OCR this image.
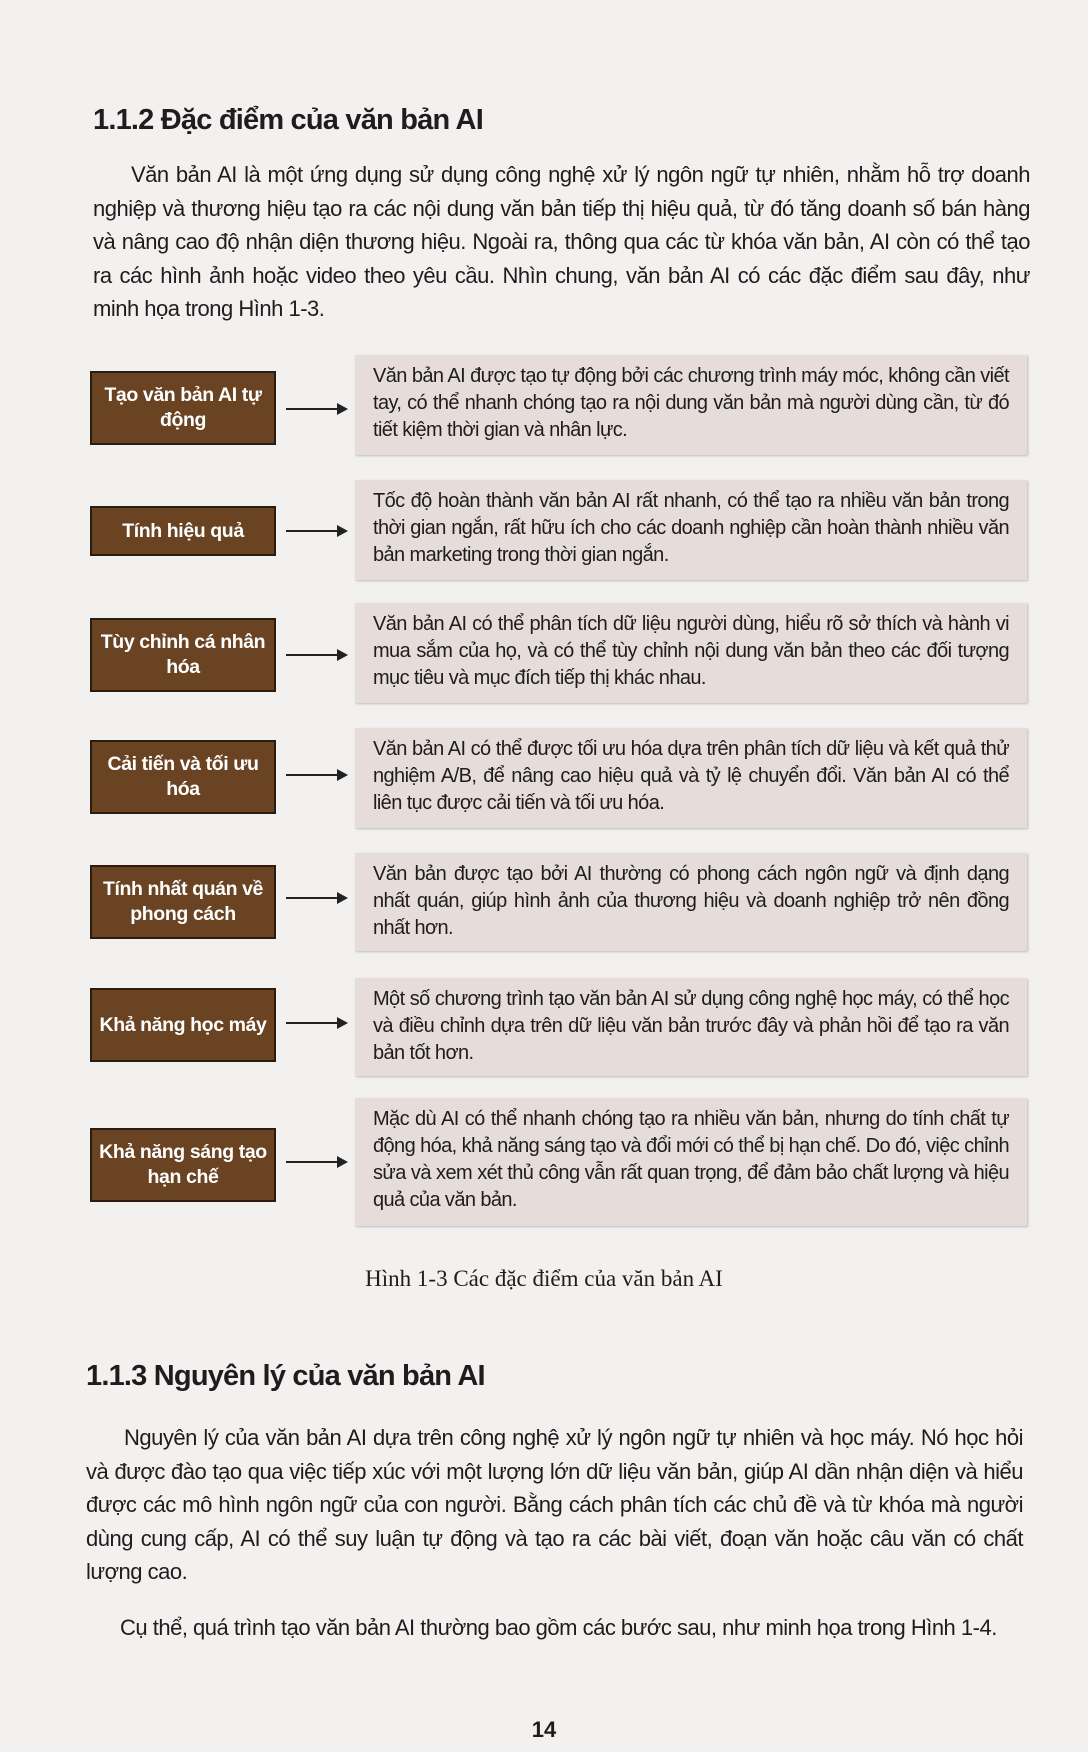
1.1.2 Đặc điểm của văn bản AI

Văn bản AI là một ứng dụng sử dụng công nghệ xử lý ngôn ngữ tự nhiên, nhằm hỗ trợ doanh nghiệp và thương hiệu tạo ra các nội dung văn bản tiếp thị hiệu quả, từ đó tăng doanh số bán hàng và nâng cao độ nhận diện thương hiệu. Ngoài ra, thông qua các từ khóa văn bản, AI còn có thể tạo ra các hình ảnh hoặc video theo yêu cầu. Nhìn chung, văn bản AI có các đặc điểm sau đây, như minh họa trong Hình 1-3.

Tạo văn bản AI tự động
Văn bản AI được tạo tự động bởi các chương trình máy móc, không cần viết tay, có thể nhanh chóng tạo ra nội dung văn bản mà người dùng cần, từ đó tiết kiệm thời gian và nhân lực.
Tính hiệu quả
Tốc độ hoàn thành văn bản AI rất nhanh, có thể tạo ra nhiều văn bản trong thời gian ngắn, rất hữu ích cho các doanh nghiệp cần hoàn thành nhiều văn bản marketing trong thời gian ngắn.
Tùy chỉnh cá nhân hóa
Văn bản AI có thể phân tích dữ liệu người dùng, hiểu rõ sở thích và hành vi mua sắm của họ, và có thể tùy chỉnh nội dung văn bản theo các đối tượng mục tiêu và mục đích tiếp thị khác nhau.
Cải tiến và tối ưu hóa
Văn bản AI có thể được tối ưu hóa dựa trên phân tích dữ liệu và kết quả thử nghiệm A/B, để nâng cao hiệu quả và tỷ lệ chuyển đổi. Văn bản AI có thể liên tục được cải tiến và tối ưu hóa.
Tính nhất quán về phong cách
Văn bản được tạo bởi AI thường có phong cách ngôn ngữ và định dạng nhất quán, giúp hình ảnh của thương hiệu và doanh nghiệp trở nên đồng nhất hơn.
Khả năng học máy
Một số chương trình tạo văn bản AI sử dụng công nghệ học máy, có thể học và điều chỉnh dựa trên dữ liệu văn bản trước đây và phản hồi để tạo ra văn bản tốt hơn.
Khả năng sáng tạo hạn chế
Mặc dù AI có thể nhanh chóng tạo ra nhiều văn bản, nhưng do tính chất tự động hóa, khả năng sáng tạo và đổi mới có thể bị hạn chế. Do đó, việc chỉnh sửa và xem xét thủ công vẫn rất quan trọng, để đảm bảo chất lượng và hiệu quả của văn bản.
Hình 1-3 Các đặc điểm của văn bản AI
1.1.3 Nguyên lý của văn bản AI

Nguyên lý của văn bản AI dựa trên công nghệ xử lý ngôn ngữ tự nhiên và học máy. Nó học hỏi và được đào tạo qua việc tiếp xúc với một lượng lớn dữ liệu văn bản, giúp AI dần nhận diện và hiểu được các mô hình ngôn ngữ của con người. Bằng cách phân tích các chủ đề và từ khóa mà người dùng cung cấp, AI có thể suy luận tự động và tạo ra các bài viết, đoạn văn hoặc câu văn có chất lượng cao.

Cụ thể, quá trình tạo văn bản AI thường bao gồm các bước sau, như minh họa trong Hình 1-4.

14
